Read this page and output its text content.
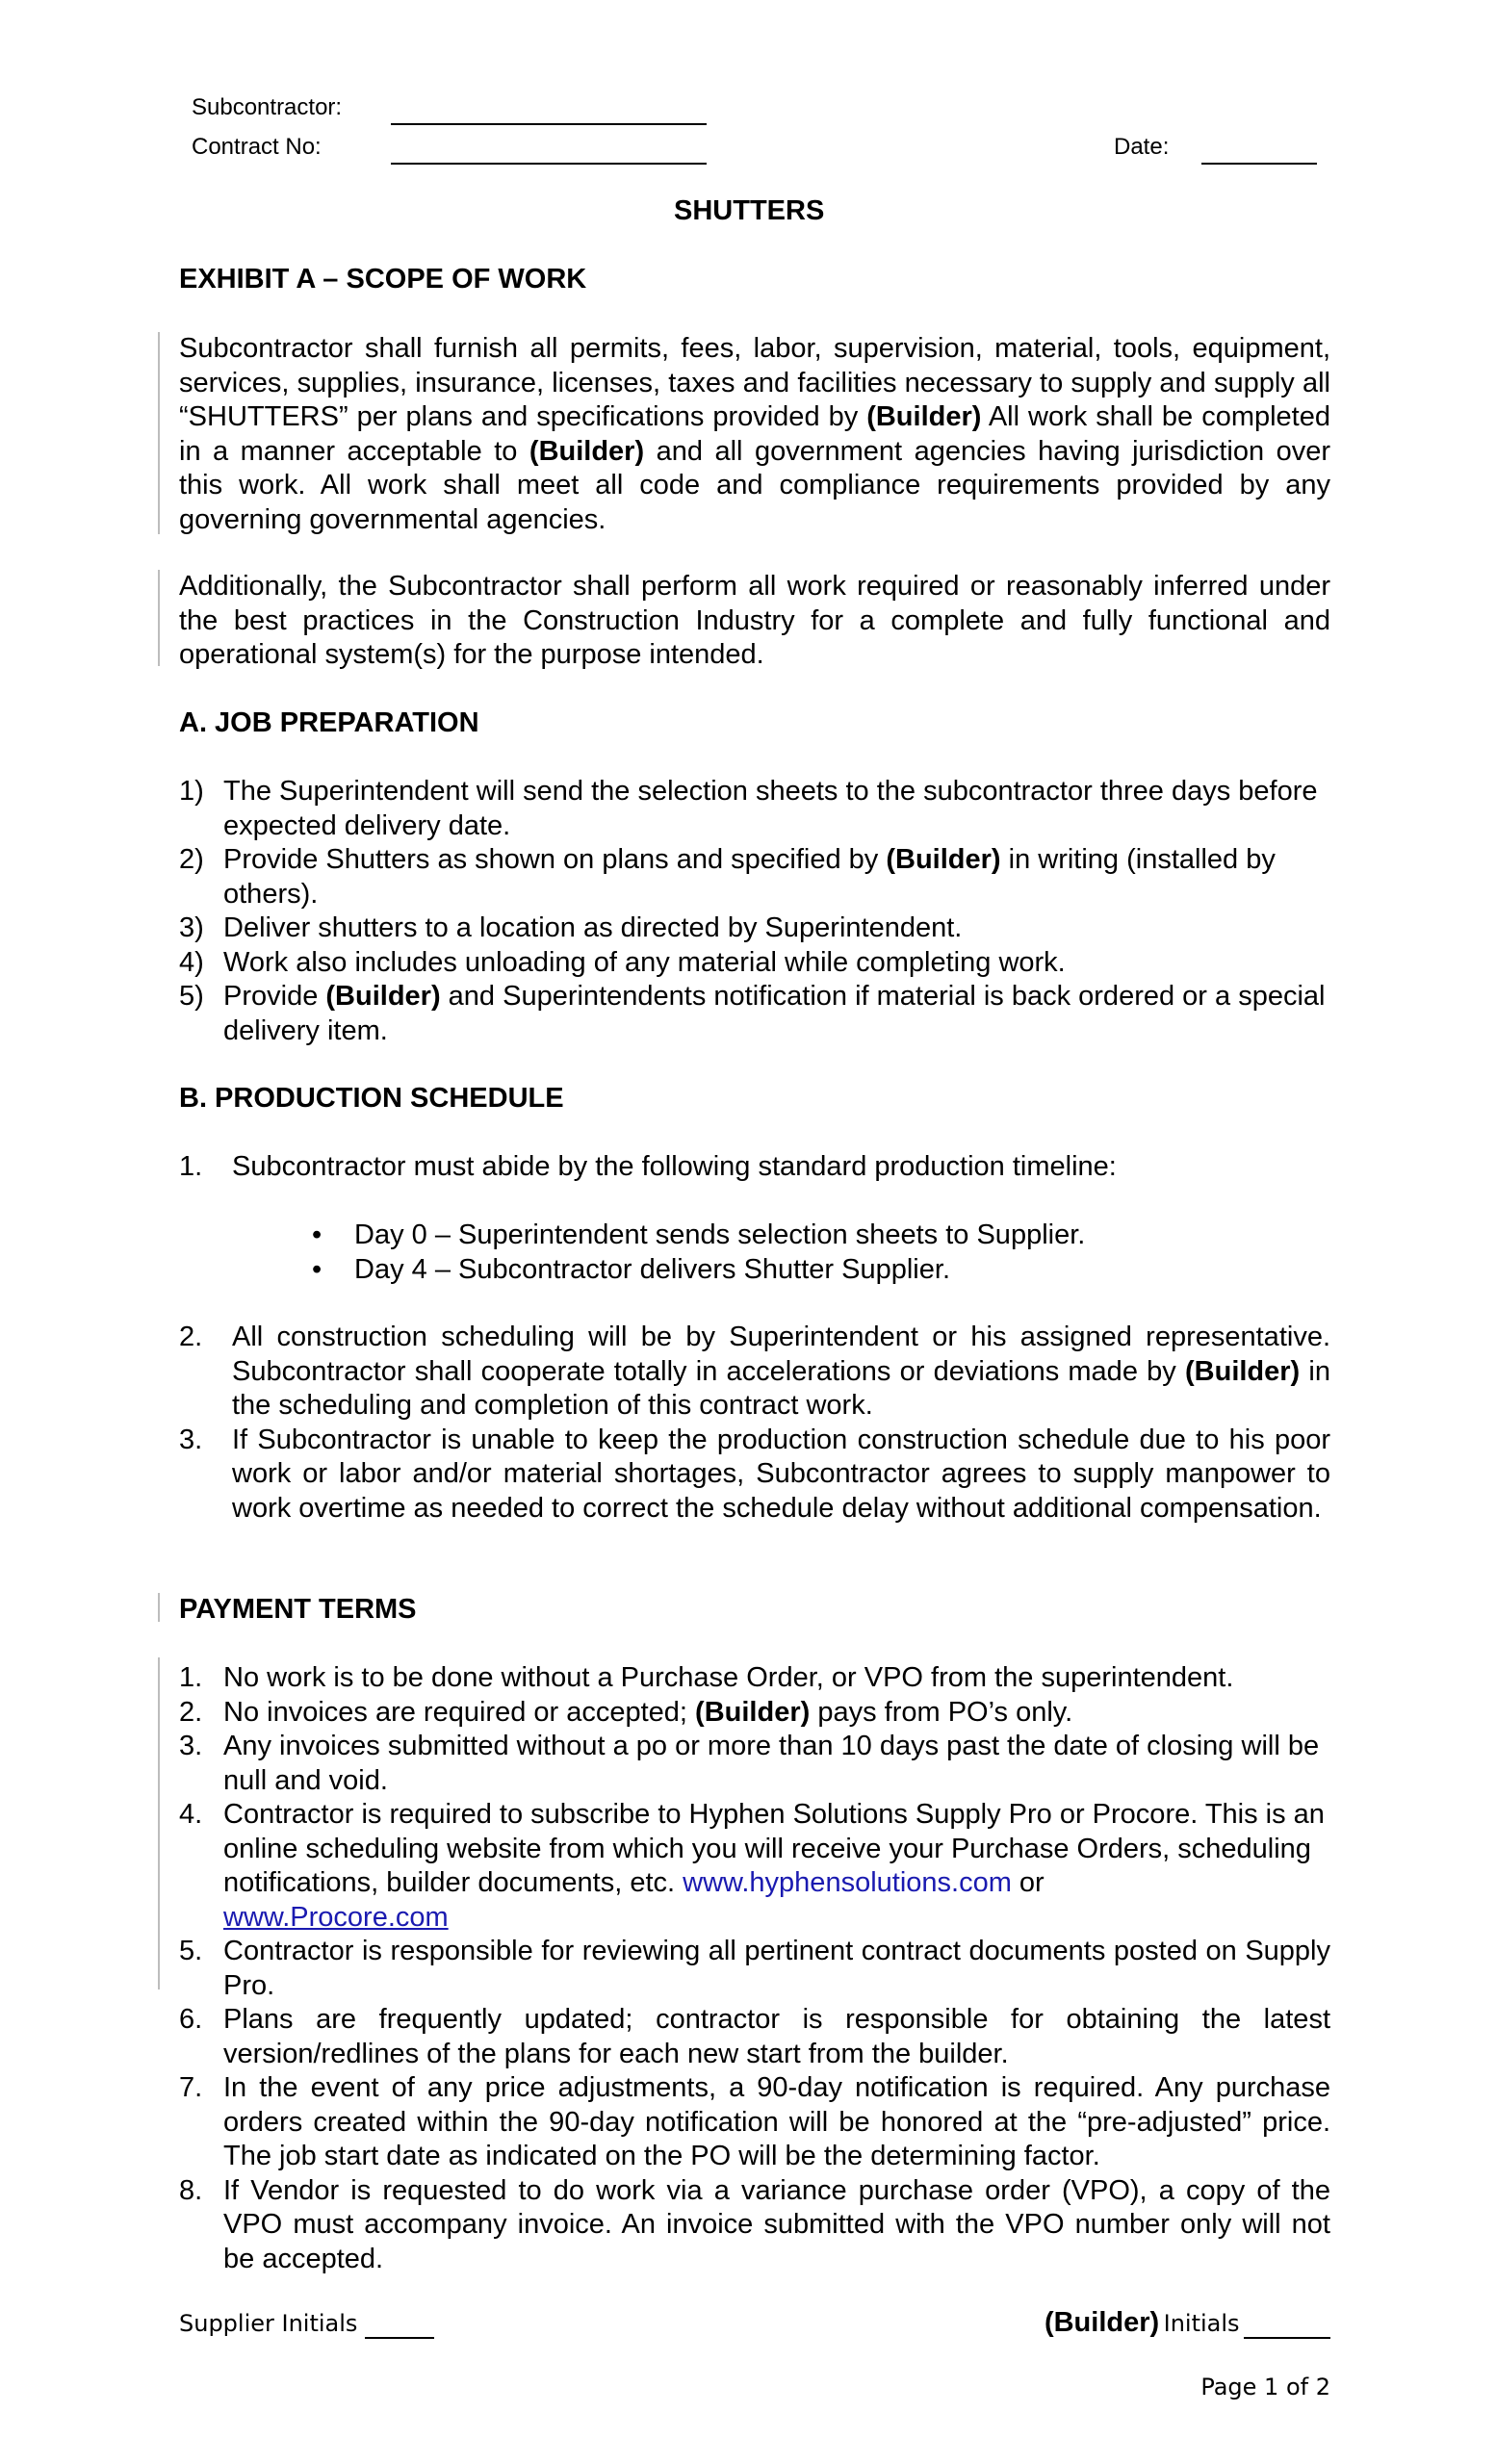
Subcontractor:
Contract No:	Date:
SHUTTERS
EXHIBIT A – SCOPE OF WORK
Subcontractor shall furnish all permits, fees, labor, supervision, material, tools, equipment, services, supplies, insurance, licenses, taxes and facilities necessary to supply and supply all “SHUTTERS” per plans and specifications provided by (Builder) All work shall be completed in a manner acceptable to (Builder) and all government agencies having jurisdiction over this work. All work shall meet all code and compliance requirements provided by any governing governmental agencies.
Additionally, the Subcontractor shall perform all work required or reasonably inferred under the best practices in the Construction Industry for a complete and fully functional and operational system(s) for the purpose intended.
A. JOB PREPARATION
1) The Superintendent will send the selection sheets to the subcontractor three days before expected delivery date.
2) Provide Shutters as shown on plans and specified by (Builder) in writing (installed by others).
3) Deliver shutters to a location as directed by Superintendent.
4) Work also includes unloading of any material while completing work.
5) Provide (Builder) and Superintendents notification if material is back ordered or a special delivery item.
B. PRODUCTION SCHEDULE
1. Subcontractor must abide by the following standard production timeline:
• Day 0 – Superintendent sends selection sheets to Supplier.
• Day 4 – Subcontractor delivers Shutter Supplier.
2. All construction scheduling will be by Superintendent or his assigned representative. Subcontractor shall cooperate totally in accelerations or deviations made by (Builder) in the scheduling and completion of this contract work.
3. If Subcontractor is unable to keep the production construction schedule due to his poor work or labor and/or material shortages, Subcontractor agrees to supply manpower to work overtime as needed to correct the schedule delay without additional compensation.
PAYMENT TERMS
1. No work is to be done without a Purchase Order, or VPO from the superintendent.
2. No invoices are required or accepted; (Builder) pays from PO’s only.
3. Any invoices submitted without a po or more than 10 days past the date of closing will be null and void.
4. Contractor is required to subscribe to Hyphen Solutions Supply Pro or Procore. This is an online scheduling website from which you will receive your Purchase Orders, scheduling notifications, builder documents, etc. www.hyphensolutions.com or
www.Procore.com
5. Contractor is responsible for reviewing all pertinent contract documents posted on Supply Pro.
6. Plans are frequently updated; contractor is responsible for obtaining the latest version/redlines of the plans for each new start from the builder.
7. In the event of any price adjustments, a 90-day notification is required. Any purchase orders created within the 90-day notification will be honored at the “pre-adjusted” price. The job start date as indicated on the PO will be the determining factor.
8. If Vendor is requested to do work via a variance purchase order (VPO), a copy of the VPO must accompany invoice. An invoice submitted with the VPO number only will not be accepted.
Supplier Initials	(Builder) Initials
Page 1 of 2
